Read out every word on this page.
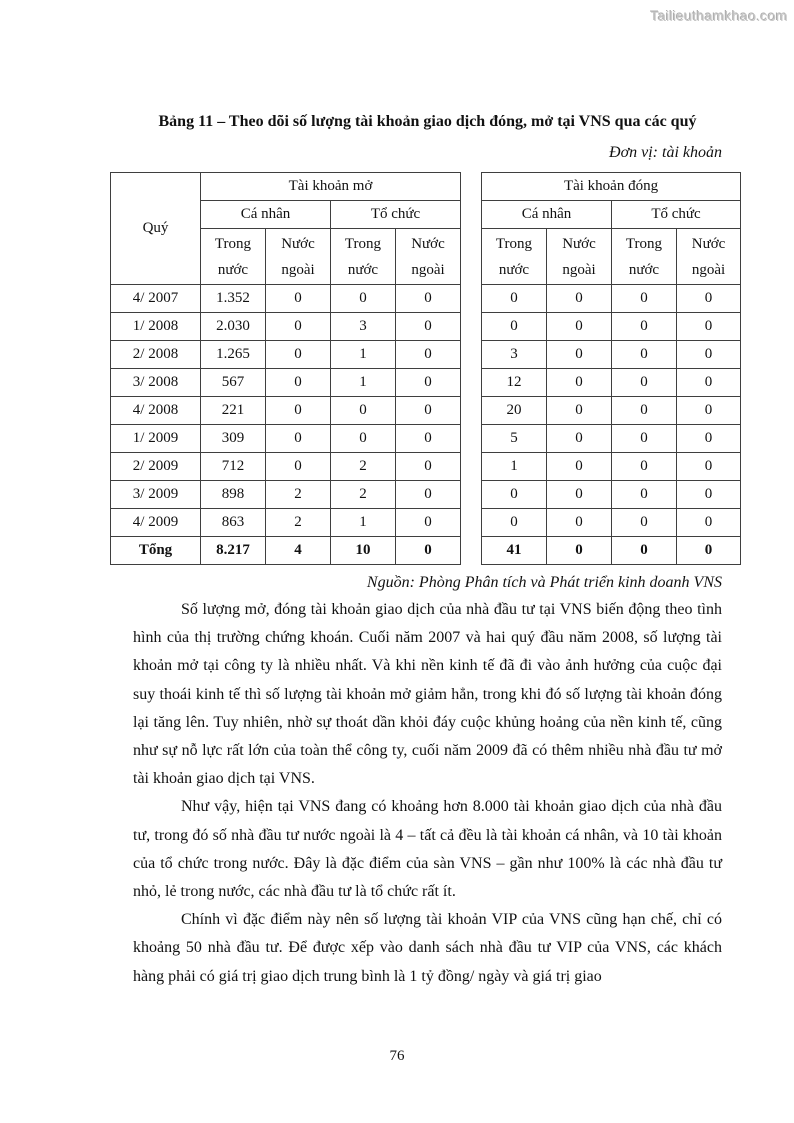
Tailieuthamkhao.com
Bảng 11 – Theo dõi số lượng tài khoản giao dịch đóng, mở tại VNS qua các quý
Đơn vị: tài khoản
Quý	Tài khoản mở					Tài khoản đóng			
	Cá nhân		Tổ chức			Cá nhân		Tổ chức	
	Trong nước	Nước ngoài	Trong nước	Nước ngoài		Trong nước	Nước ngoài	Trong nước	Nước ngoài
4/ 2007	1.352	0	0	0		0	0	0	0
1/ 2008	2.030	0	3	0		0	0	0	0
2/ 2008	1.265	0	1	0		3	0	0	0
3/ 2008	567	0	1	0		12	0	0	0
4/ 2008	221	0	0	0		20	0	0	0
1/ 2009	309	0	0	0		5	0	0	0
2/ 2009	712	0	2	0		1	0	0	0
3/ 2009	898	2	2	0		0	0	0	0
4/ 2009	863	2	1	0		0	0	0	0
Tổng	8.217	4	10	0		41	0	0	0
Nguồn: Phòng Phân tích và Phát triển kinh doanh VNS

Số lượng mở, đóng tài khoản giao dịch của nhà đầu tư tại VNS biến động theo tình hình của thị trường chứng khoán. Cuối năm 2007 và hai quý đầu năm 2008, số lượng tài khoản mở tại công ty là nhiều nhất. Và khi nền kinh tế đã đi vào ảnh hưởng của cuộc đại suy thoái kinh tế thì số lượng tài khoản mở giảm hẳn, trong khi đó số lượng tài khoản đóng lại tăng lên. Tuy nhiên, nhờ sự thoát dần khỏi đáy cuộc khủng hoảng của nền kinh tế, cũng như sự nỗ lực rất lớn của toàn thể công ty, cuối năm 2009 đã có thêm nhiều nhà đầu tư mở tài khoản giao dịch tại VNS.

Như vậy, hiện tại VNS đang có khoảng hơn 8.000 tài khoản giao dịch của nhà đầu tư, trong đó số nhà đầu tư nước ngoài là 4 – tất cả đều là tài khoản cá nhân, và 10 tài khoản của tổ chức trong nước. Đây là đặc điểm của sàn VNS – gần như 100% là các nhà đầu tư nhỏ, lẻ trong nước, các nhà đầu tư là tổ chức rất ít.

Chính vì đặc điểm này nên số lượng tài khoản VIP của VNS cũng hạn chế, chỉ có khoảng 50 nhà đầu tư. Để được xếp vào danh sách nhà đầu tư VIP của VNS, các khách hàng phải có giá trị giao dịch trung bình là 1 tỷ đồng/ ngày và giá trị giao

76
